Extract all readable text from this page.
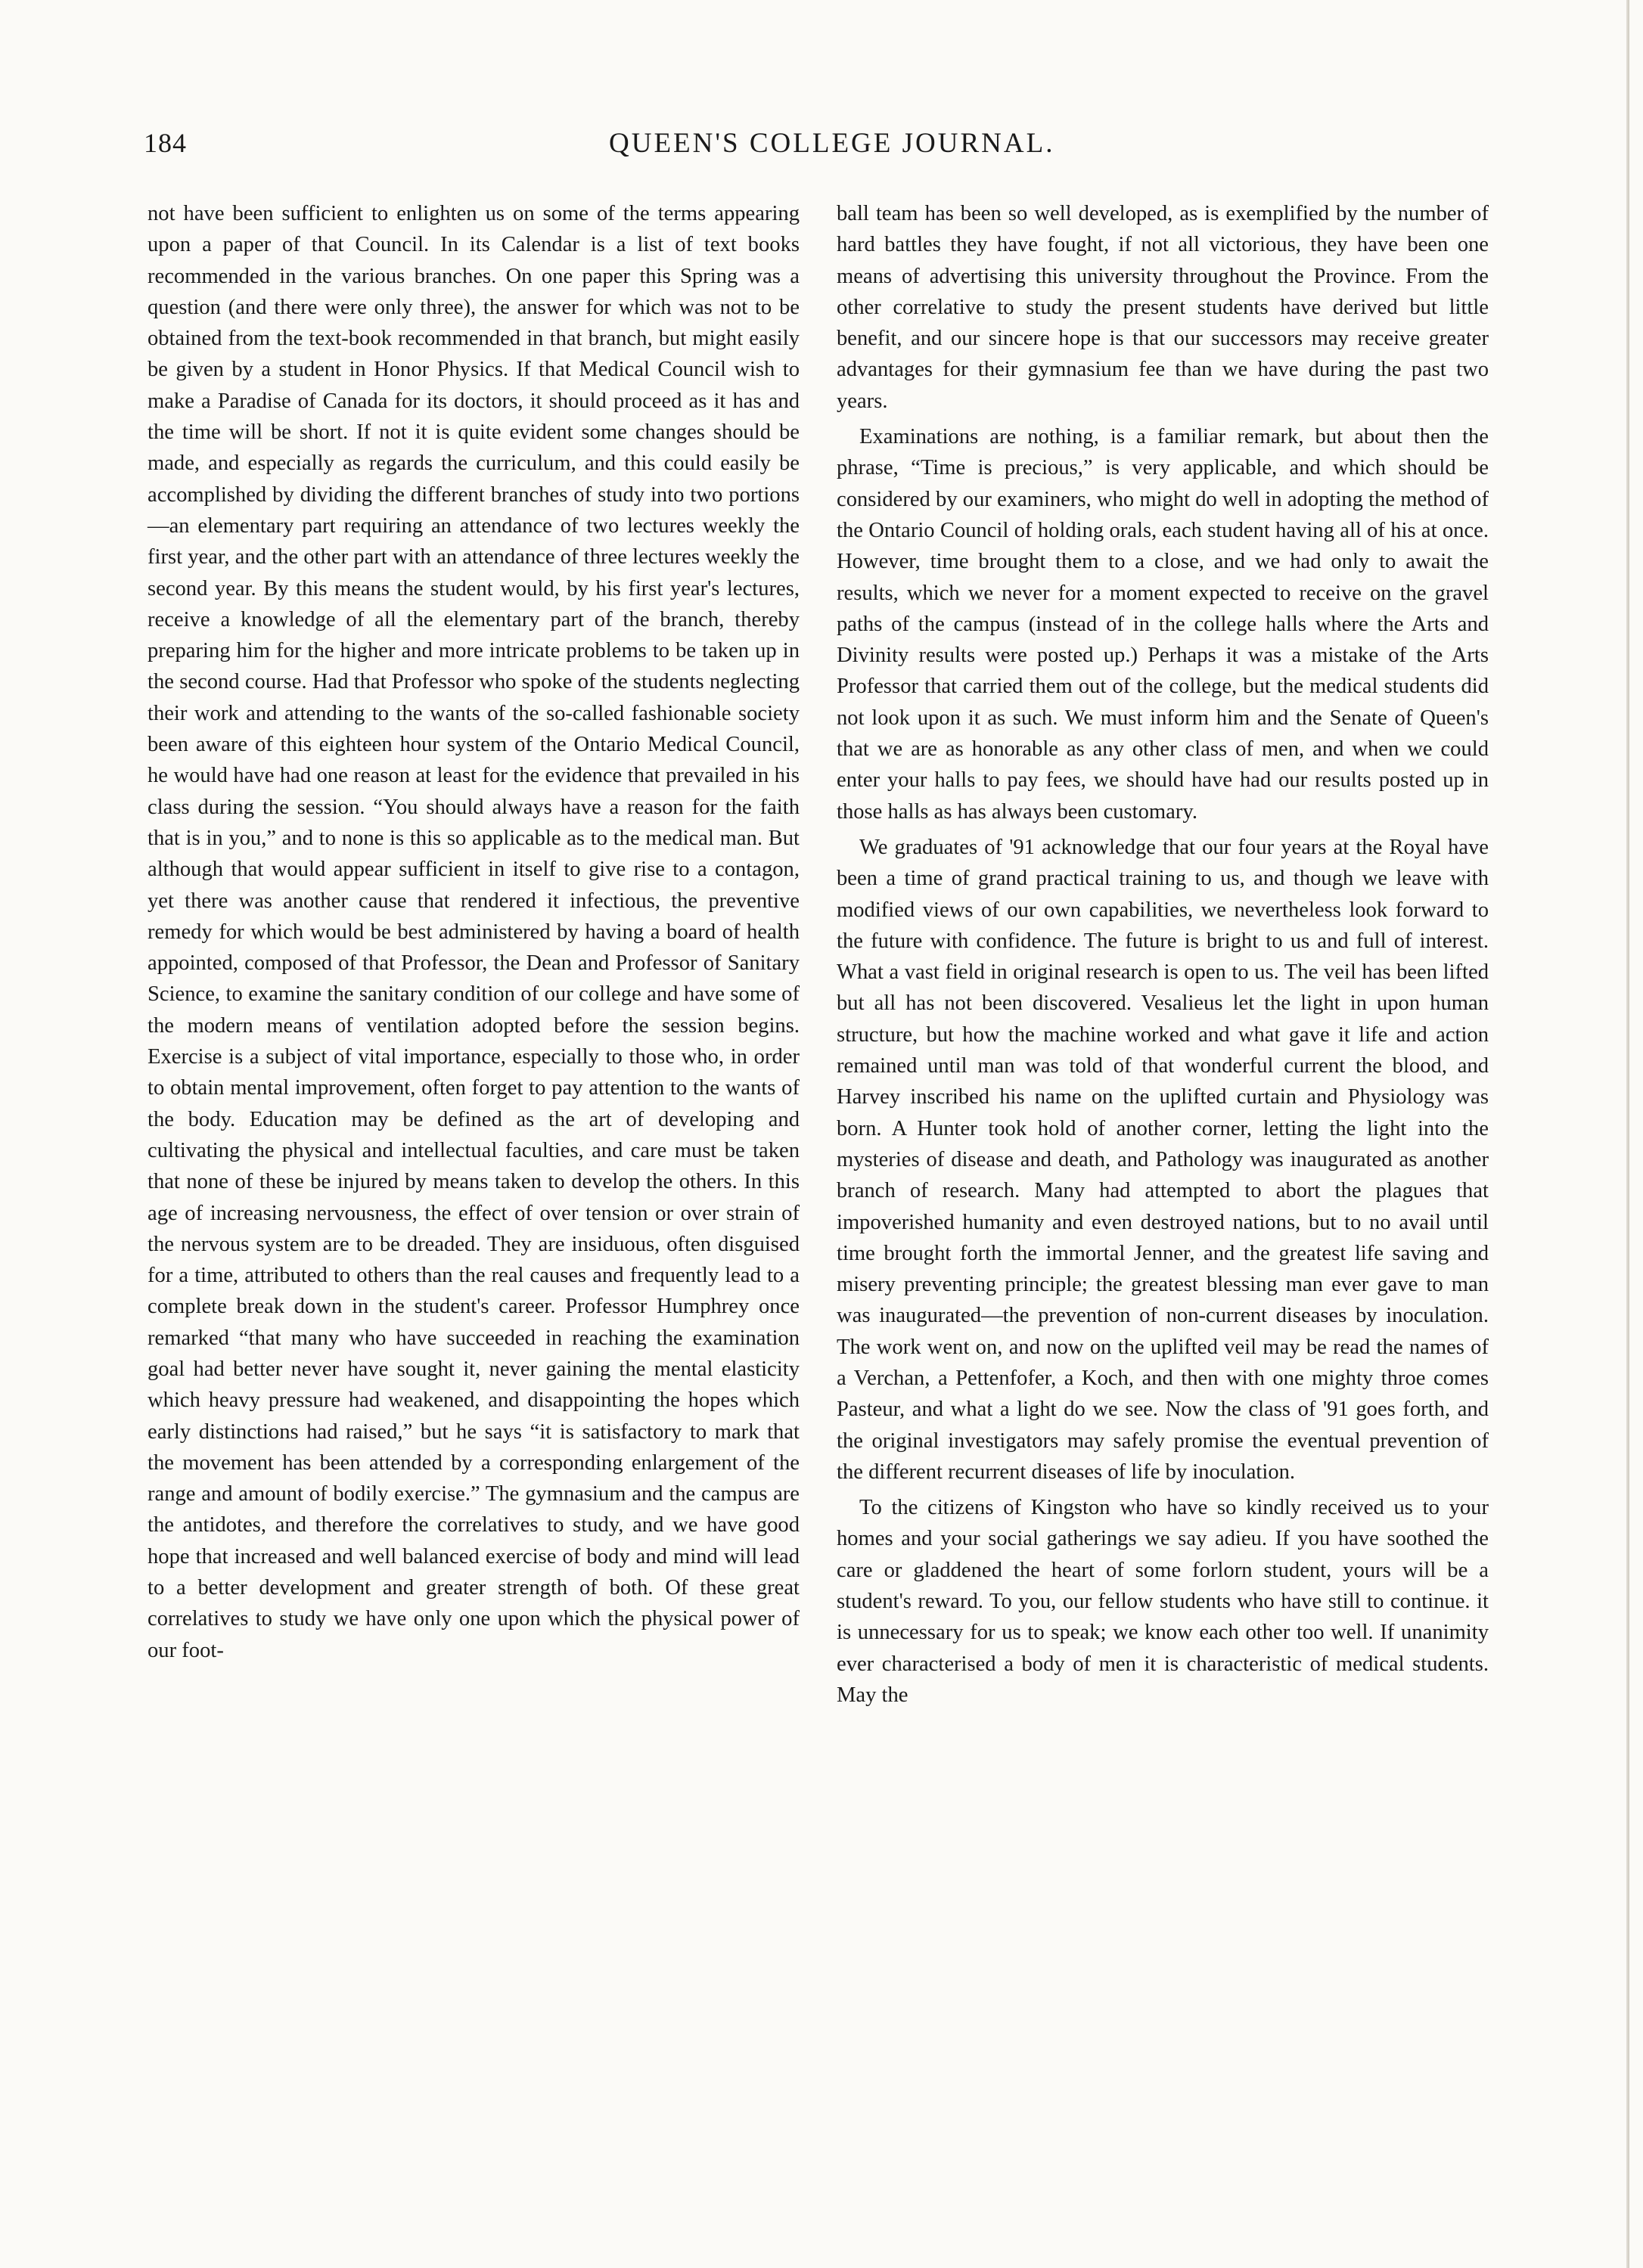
184	QUEEN'S COLLEGE JOURNAL.

not have been sufficient to enlighten us on some of the terms appearing upon a paper of that Council. In its Calendar is a list of text books recommended in the various branches. On one paper this Spring was a question (and there were only three), the answer for which was not to be obtained from the text-book recommended in that branch, but might easily be given by a student in Honor Physics. If that Medical Council wish to make a Paradise of Canada for its doctors, it should proceed as it has and the time will be short. If not it is quite evident some changes should be made, and especially as regards the curriculum, and this could easily be accomplished by dividing the different branches of study into two portions —an elementary part requiring an attendance of two lectures weekly the first year, and the other part with an attendance of three lectures weekly the second year. By this means the student would, by his first year's lectures, receive a knowledge of all the elementary part of the branch, thereby preparing him for the higher and more intricate problems to be taken up in the second course. Had that Professor who spoke of the students neglecting their work and attending to the wants of the so-called fashionable society been aware of this eighteen hour system of the Ontario Medical Council, he would have had one reason at least for the evidence that prevailed in his class during the session. “You should always have a reason for the faith that is in you,” and to none is this so applicable as to the medical man. But although that would appear sufficient in itself to give rise to a contagon, yet there was another cause that rendered it infectious, the preventive remedy for which would be best administered by having a board of health appointed, composed of that Professor, the Dean and Professor of Sanitary Science, to examine the sanitary condition of our college and have some of the modern means of ventilation adopted before the session begins. Exercise is a subject of vital importance, especially to those who, in order to obtain mental improvement, often forget to pay attention to the wants of the body. Education may be defined as the art of developing and cultivating the physical and intellectual faculties, and care must be taken that none of these be injured by means taken to develop the others. In this age of increasing nervousness, the effect of over tension or over strain of the nervous system are to be dreaded. They are insiduous, often disguised for a time, attributed to others than the real causes and frequently lead to a complete break down in the student's career. Professor Humphrey once remarked “that many who have succeeded in reaching the examination goal had better never have sought it, never gaining the mental elasticity which heavy pressure had weakened, and disappointing the hopes which early distinctions had raised,” but he says “it is satisfactory to mark that the movement has been attended by a corresponding enlargement of the range and amount of bodily exercise.” The gymnasium and the campus are the antidotes, and therefore the correlatives to study, and we have good hope that increased and well balanced exercise of body and mind will lead to a better development and greater strength of both. Of these great correlatives to study we have only one upon which the physical power of our foot-

ball team has been so well developed, as is exemplified by the number of hard battles they have fought, if not all victorious, they have been one means of advertising this university throughout the Province. From the other correlative to study the present students have derived but little benefit, and our sincere hope is that our successors may receive greater advantages for their gymnasium fee than we have during the past two years.

Examinations are nothing, is a familiar remark, but about then the phrase, “Time is precious,” is very applicable, and which should be considered by our examiners, who might do well in adopting the method of the Ontario Council of holding orals, each student having all of his at once. However, time brought them to a close, and we had only to await the results, which we never for a moment expected to receive on the gravel paths of the campus (instead of in the college halls where the Arts and Divinity results were posted up.) Perhaps it was a mistake of the Arts Professor that carried them out of the college, but the medical students did not look upon it as such. We must inform him and the Senate of Queen's that we are as honorable as any other class of men, and when we could enter your halls to pay fees, we should have had our results posted up in those halls as has always been customary.

We graduates of '91 acknowledge that our four years at the Royal have been a time of grand practical training to us, and though we leave with modified views of our own capabilities, we nevertheless look forward to the future with confidence. The future is bright to us and full of interest. What a vast field in original research is open to us. The veil has been lifted but all has not been discovered. Vesalieus let the light in upon human structure, but how the machine worked and what gave it life and action remained until man was told of that wonderful current the blood, and Harvey inscribed his name on the uplifted curtain and Physiology was born. A Hunter took hold of another corner, letting the light into the mysteries of disease and death, and Pathology was inaugurated as another branch of research. Many had attempted to abort the plagues that impoverished humanity and even destroyed nations, but to no avail until time brought forth the immortal Jenner, and the greatest life saving and misery preventing principle; the greatest blessing man ever gave to man was inaugurated—the prevention of non-current diseases by inoculation. The work went on, and now on the uplifted veil may be read the names of a Verchan, a Pettenfofer, a Koch, and then with one mighty throe comes Pasteur, and what a light do we see. Now the class of '91 goes forth, and the original investigators may safely promise the eventual prevention of the different recurrent diseases of life by inoculation.

To the citizens of Kingston who have so kindly received us to your homes and your social gatherings we say adieu. If you have soothed the care or gladdened the heart of some forlorn student, yours will be a student's reward. To you, our fellow students who have still to continue. it is unnecessary for us to speak; we know each other too well. If unanimity ever characterised a body of men it is characteristic of medical students. May the
